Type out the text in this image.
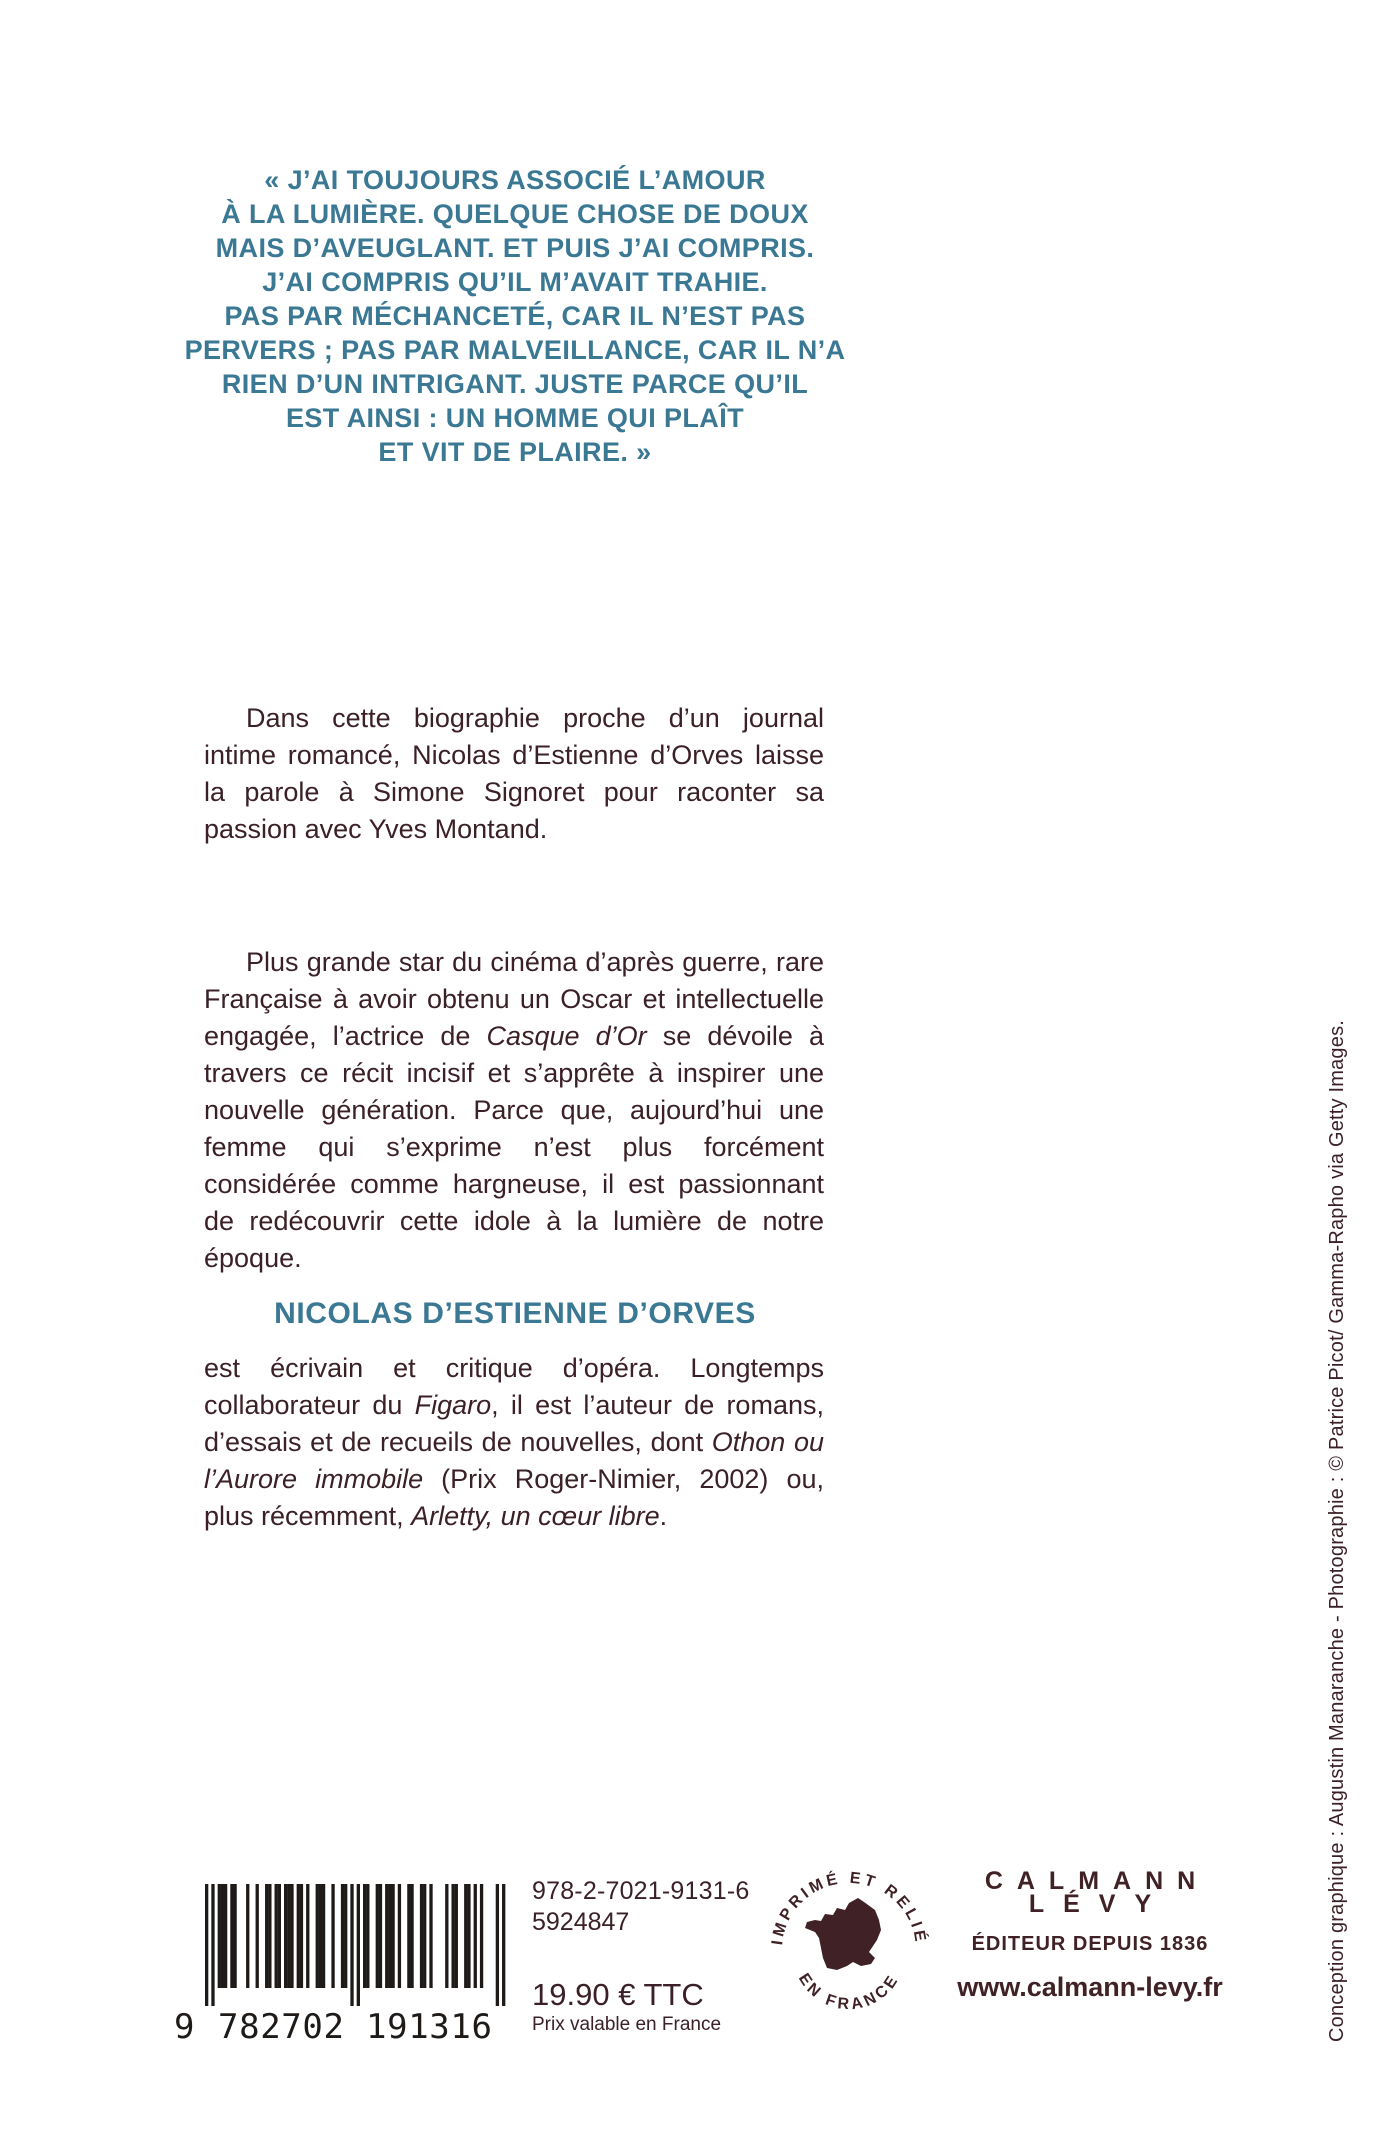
« J’AI TOUJOURS ASSOCIÉ L’AMOUR
À LA LUMIÈRE. QUELQUE CHOSE DE DOUX
MAIS D’AVEUGLANT. ET PUIS J’AI COMPRIS.
J’AI COMPRIS QU’IL M’AVAIT TRAHIE.
PAS PAR MÉCHANCETÉ, CAR IL N’EST PAS
PERVERS ; PAS PAR MALVEILLANCE, CAR IL N’A
RIEN D’UN INTRIGANT. JUSTE PARCE QU’IL
EST AINSI : UN HOMME QUI PLAÎT
ET VIT DE PLAIRE. »

Dans cette biographie proche d’un journal intime romancé, Nicolas d’Estienne d’Orves laisse la parole à Simone Signoret pour raconter sa passion avec Yves Montand.

Plus grande star du cinéma d’après guerre, rare Française à avoir obtenu un Oscar et intellectuelle engagée, l’actrice de Casque d’Or se dévoile à travers ce récit incisif et s’apprête à inspirer une nouvelle génération. Parce que, aujourd’hui une femme qui s’exprime n’est plus forcément considérée comme hargneuse, il est passionnant de redécouvrir cette idole à la lumière de notre époque.

NICOLAS D’ESTIENNE D’ORVES

est écrivain et critique d’opéra. Longtemps collaborateur du Figaro, il est l’auteur de romans, d’essais et de recueils de nouvelles, dont Othon ou l’Aurore immobile (Prix Roger-Nimier, 2002) ou, plus récemment, Arletty, un cœur libre.

9 782702 191316
978-2-7021-9131-6
5924847
19.90 € TTC
Prix valable en France
IMPRIMÉ ET RELIÉ
EN FRANCE
CALMANN
LÉVY
ÉDITEUR DEPUIS 1836
www.calmann-levy.fr	Conception graphique : Augustin Manaranche - Photographie : © Patrice Picot/ Gamma-Rapho via Getty Images.
